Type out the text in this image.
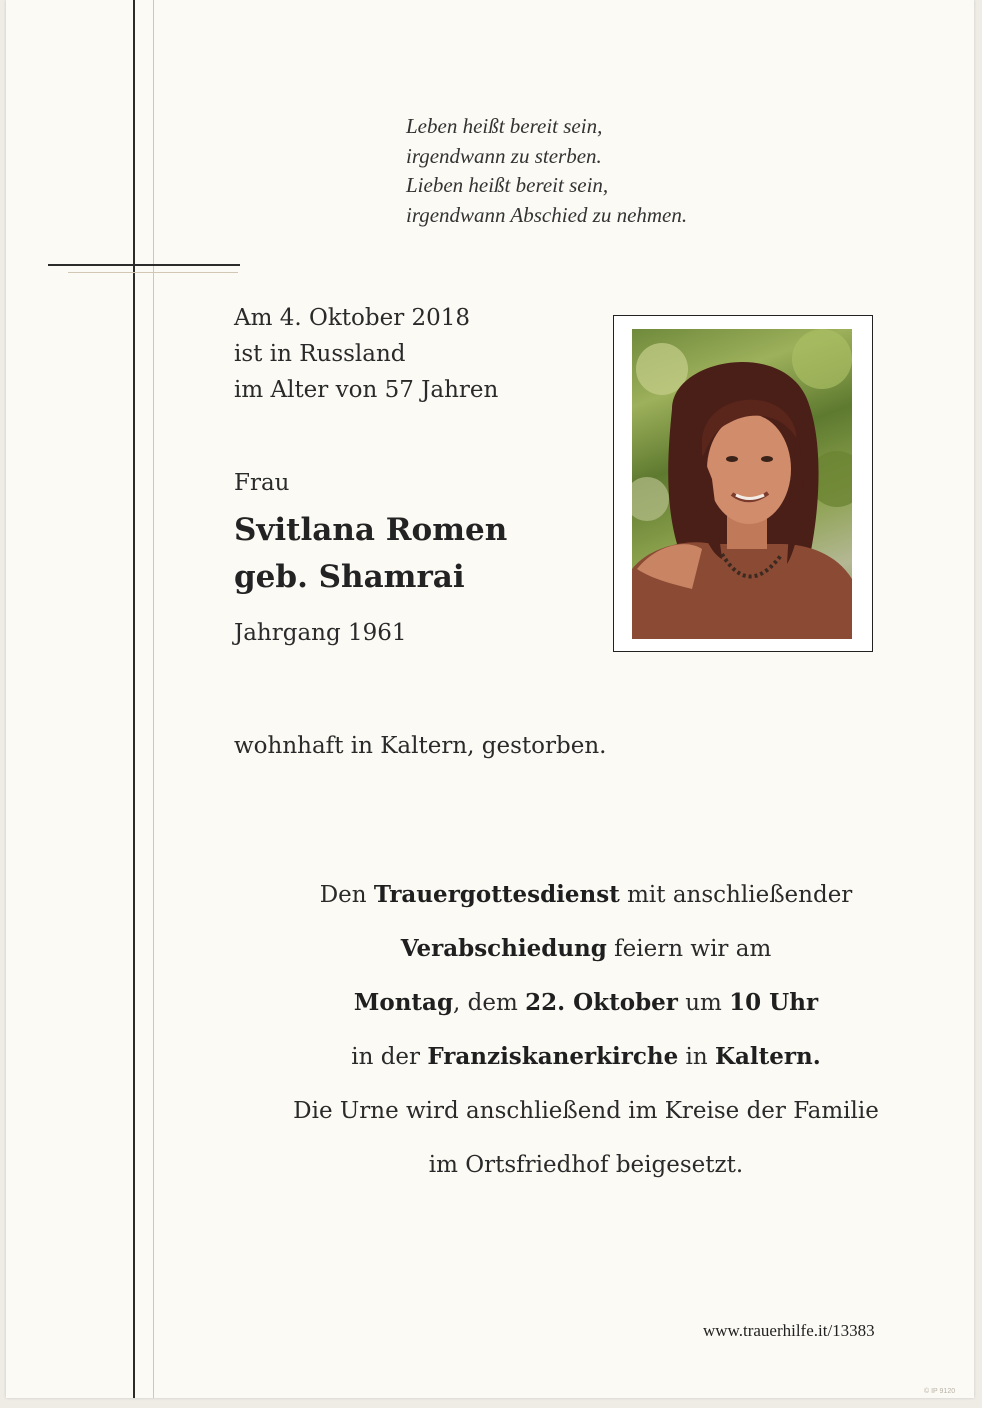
Leben heißt bereit sein,
irgendwann zu sterben.
Lieben heißt bereit sein,
irgendwann Abschied zu nehmen.
Am 4. Oktober 2018
ist in Russland
im Alter von 57 Jahren
Frau
Svitlana Romen
geb. Shamrai
Jahrgang 1961
wohnhaft in Kaltern, gestorben.
Den Trauergottesdienst mit anschließender
Verabschiedung feiern wir am
Montag, dem 22. Oktober um 10 Uhr
in der Franziskanerkirche in Kaltern.
Die Urne wird anschließend im Kreise der Familie
im Ortsfriedhof beigesetzt.
www.trauerhilfe.it/13383
© IP 9120
